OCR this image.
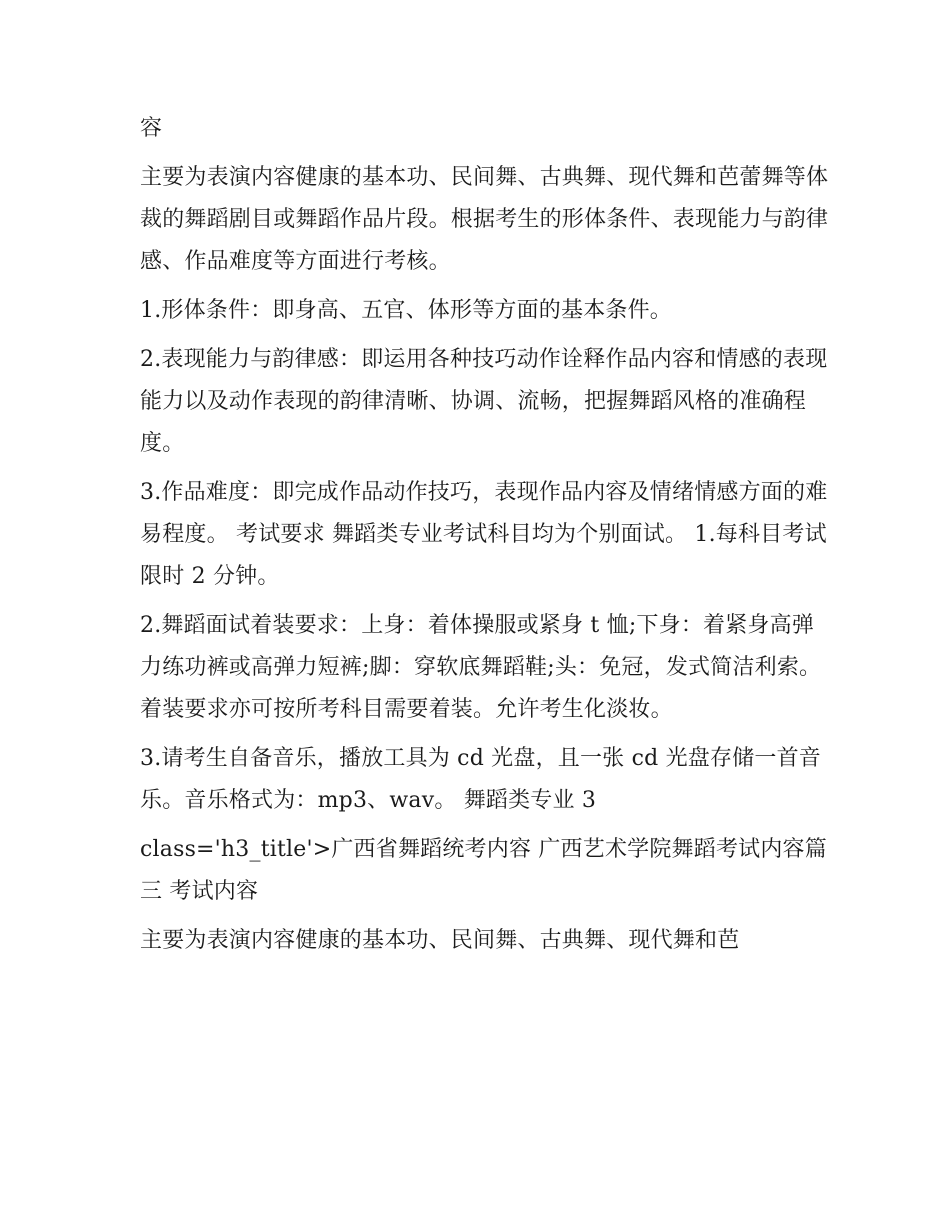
容

主要为表演内容健康的基本功、民间舞、古典舞、现代舞和芭蕾舞等体裁的舞蹈剧目或舞蹈作品片段。根据考生的形体条件、表现能力与韵律感、作品难度等方面进行考核。

1.形体条件：即身高、五官、体形等方面的基本条件。

2.表现能力与韵律感：即运用各种技巧动作诠释作品内容和情感的表现能力以及动作表现的韵律清晰、协调、流畅，把握舞蹈风格的准确程度。

3.作品难度：即完成作品动作技巧，表现作品内容及情绪情感方面的难易程度。 考试要求 舞蹈类专业考试科目均为个别面试。 1.每科目考试限时 2 分钟。

2.舞蹈面试着装要求：上身：着体操服或紧身 t 恤;下身：着紧身高弹力练功裤或高弹力短裤;脚：穿软底舞蹈鞋;头：免冠，发式简洁利索。着装要求亦可按所考科目需要着装。允许考生化淡妆。

3.请考生自备音乐，播放工具为 cd 光盘，且一张 cd 光盘存储一首音乐。音乐格式为：mp3、wav。 舞蹈类专业 3

class='h3_title'>广西省舞蹈统考内容 广西艺术学院舞蹈考试内容篇三 考试内容

主要为表演内容健康的基本功、民间舞、古典舞、现代舞和芭
